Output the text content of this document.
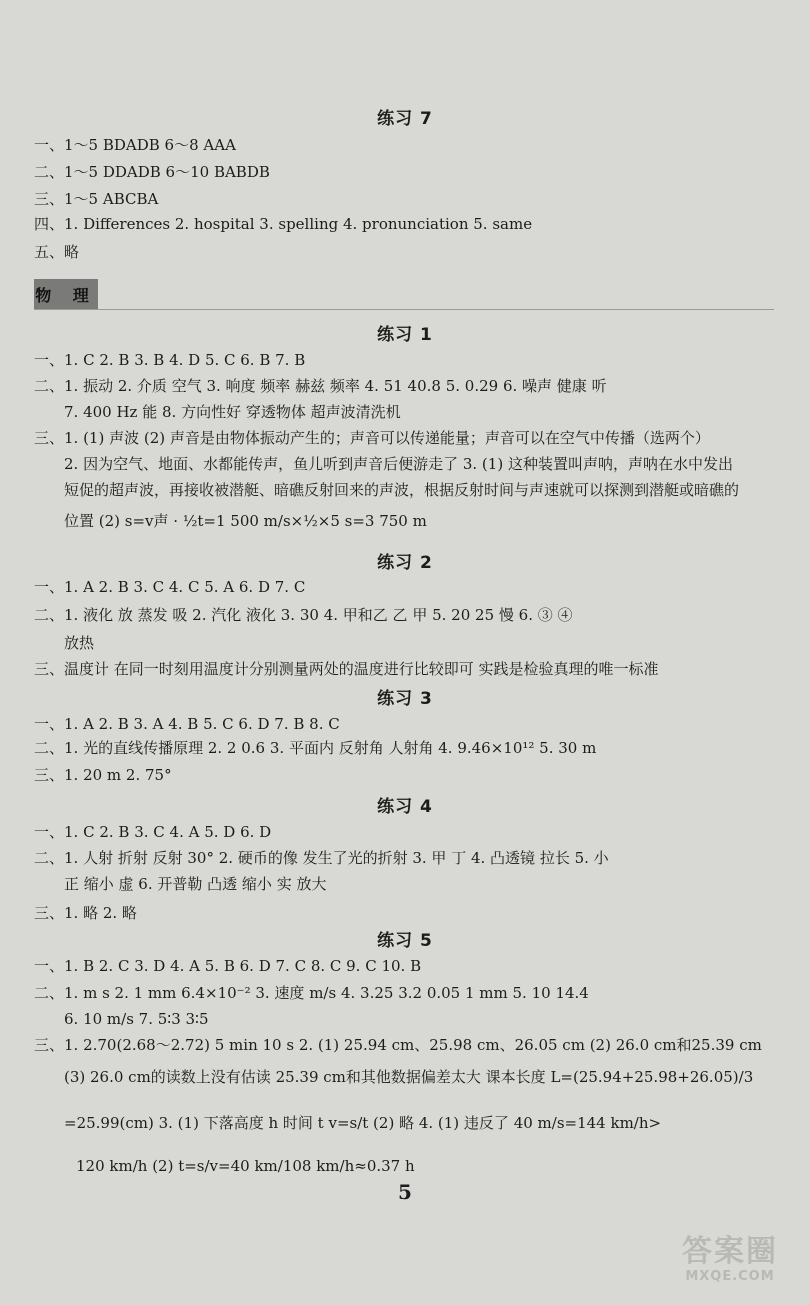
练习 7
一、1～5 BDADB 6～8 AAA
二、1～5 DDADB 6～10 BABDB
三、1～5 ABCBA
四、1. Differences 2. hospital 3. spelling 4. pronunciation 5. same
五、略
物 理
练习 1
一、1. C 2. B 3. B 4. D 5. C 6. B 7. B
二、1. 振动 2. 介质 空气 3. 响度 频率 赫兹 频率 4. 51 40.8 5. 0.29 6. 噪声 健康 听
7. 400 Hz 能 8. 方向性好 穿透物体 超声波清洗机
三、1. (1) 声波 (2) 声音是由物体振动产生的；声音可以传递能量；声音可以在空气中传播（选两个）
2. 因为空气、地面、水都能传声，鱼儿听到声音后便游走了 3. (1) 这种装置叫声呐，声呐在水中发出
短促的超声波，再接收被潜艇、暗礁反射回来的声波，根据反射时间与声速就可以探测到潜艇或暗礁的
位置 (2) s=v声 · ½t=1 500 m/s×½×5 s=3 750 m
练习 2
一、1. A 2. B 3. C 4. C 5. A 6. D 7. C
二、1. 液化 放 蒸发 吸 2. 汽化 液化 3. 30 4. 甲和乙 乙 甲 5. 20 25 慢 6. ③ ④
放热
三、温度计 在同一时刻用温度计分别测量两处的温度进行比较即可 实践是检验真理的唯一标准
练习 3
一、1. A 2. B 3. A 4. B 5. C 6. D 7. B 8. C
二、1. 光的直线传播原理 2. 2 0.6 3. 平面内 反射角 人射角 4. 9.46×10¹² 5. 30 m
三、1. 20 m 2. 75°
练习 4
一、1. C 2. B 3. C 4. A 5. D 6. D
二、1. 人射 折射 反射 30° 2. 硬币的像 发生了光的折射 3. 甲 丁 4. 凸透镜 拉长 5. 小
正 缩小 虚 6. 开普勒 凸透 缩小 实 放大
三、1. 略 2. 略
练习 5
一、1. B 2. C 3. D 4. A 5. B 6. D 7. C 8. C 9. C 10. B
二、1. m s 2. 1 mm 6.4×10⁻² 3. 速度 m/s 4. 3.25 3.2 0.05 1 mm 5. 10 14.4
6. 10 m/s 7. 5∶3 3∶5
三、1. 2.70(2.68～2.72) 5 min 10 s 2. (1) 25.94 cm、25.98 cm、26.05 cm (2) 26.0 cm和25.39 cm
(3) 26.0 cm的读数上没有估读 25.39 cm和其他数据偏差太大 课本长度 L=(25.94+25.98+26.05)/3
=25.99(cm) 3. (1) 下落高度 h 时间 t v=s/t (2) 略 4. (1) 违反了 40 m/s=144 km/h>
120 km/h (2) t=s/v=40 km/108 km/h≈0.37 h
5
答案圈
MXQE.COM
